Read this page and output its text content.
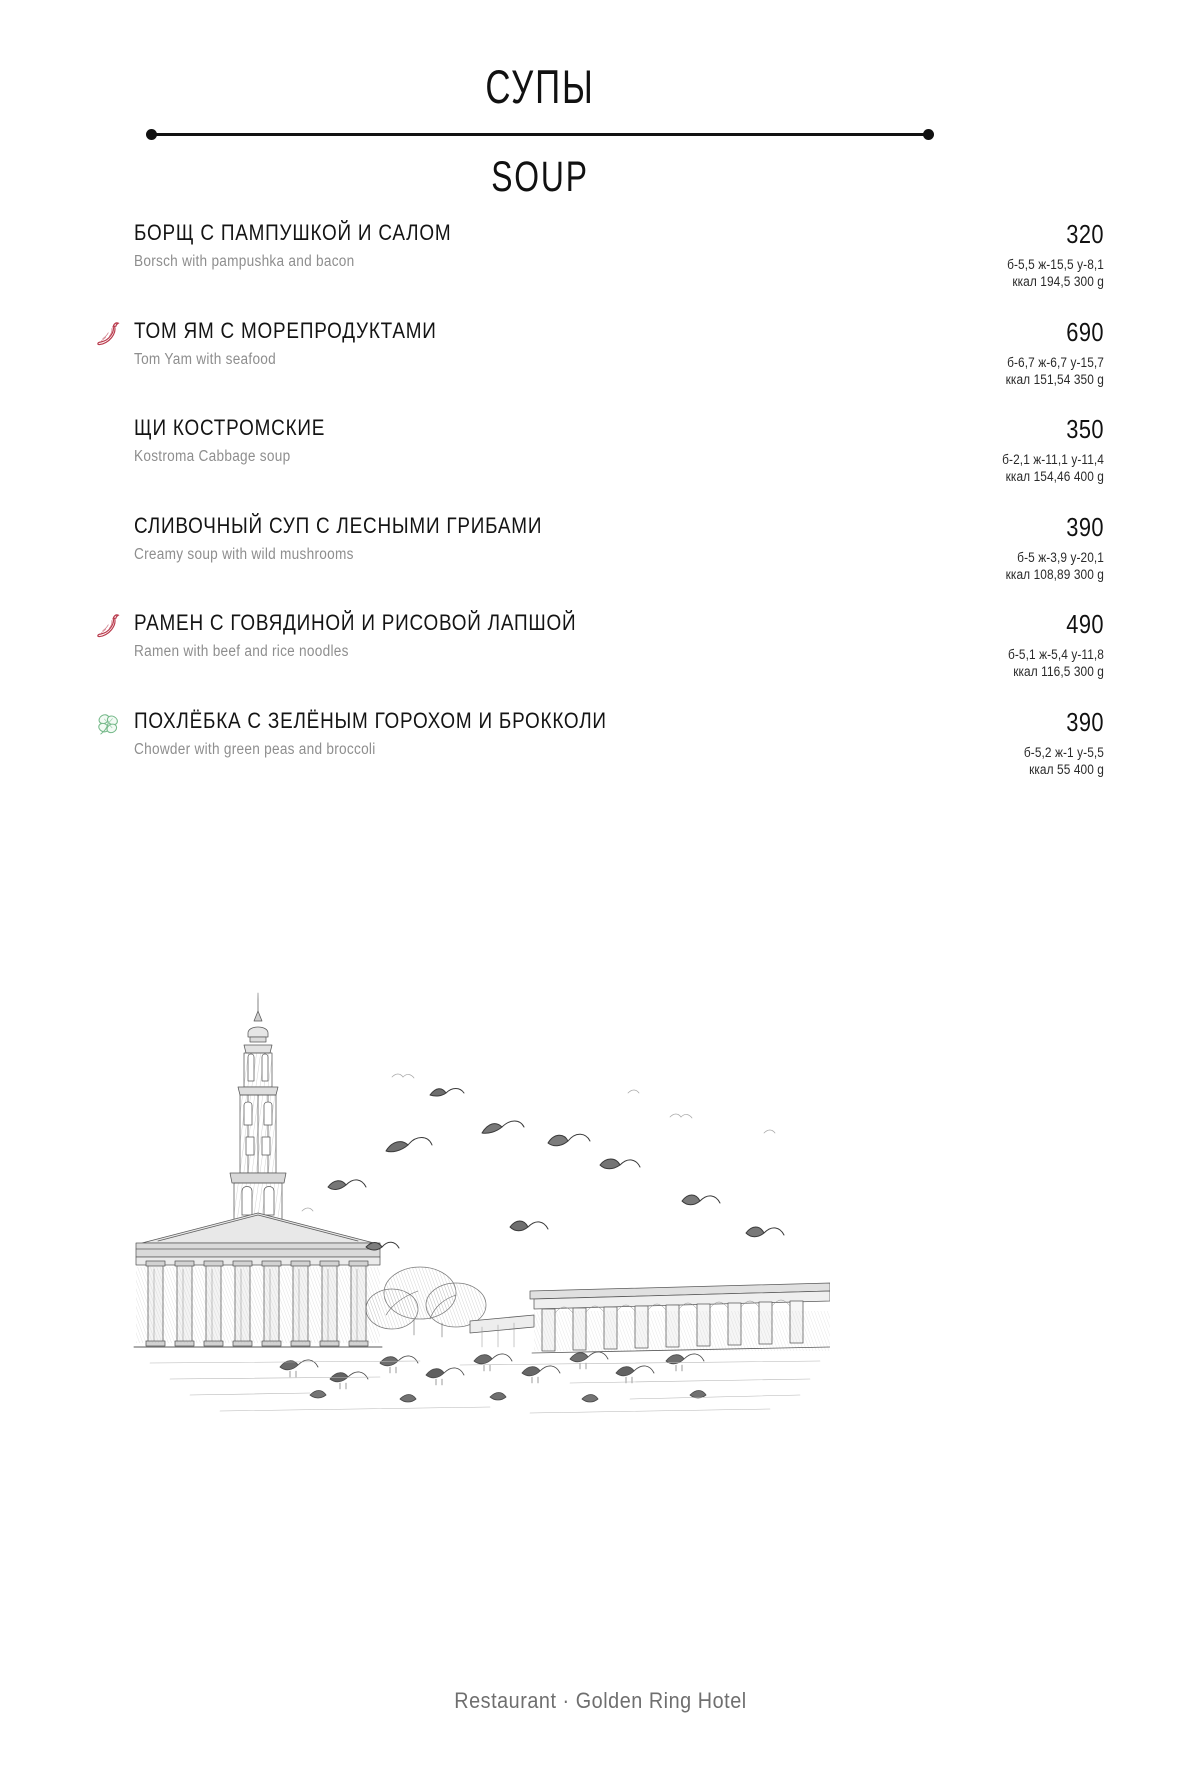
СУПЫ
SOUP
БОРЩ С ПАМПУШКОЙ И САЛОМ
Borsch with pampushka and bacon
320
б-5,5 ж-15,5 у-8,1
ккал 194,5 300 g
ТОМ ЯМ С МОРЕПРОДУКТАМИ
Tom Yam with seafood
690
б-6,7 ж-6,7 у-15,7
ккал 151,54 350 g
ЩИ КОСТРОМСКИЕ
Kostroma Cabbage soup
350
б-2,1 ж-11,1 у-11,4
ккал 154,46 400 g
СЛИВОЧНЫЙ СУП С ЛЕСНЫМИ ГРИБАМИ
Creamy soup with wild mushrooms
390
б-5 ж-3,9 у-20,1
ккал 108,89 300 g
РАМЕН С ГОВЯДИНОЙ И РИСОВОЙ ЛАПШОЙ
Ramen with beef and rice noodles
490
б-5,1 ж-5,4 у-11,8
ккал 116,5 300 g
ПОХЛЁБКА С ЗЕЛЁНЫМ ГОРОХОМ И БРОККОЛИ
Chowder with green peas and broccoli
390
б-5,2 ж-1 у-5,5
ккал 55 400 g
Restaurant · Golden Ring Hotel
